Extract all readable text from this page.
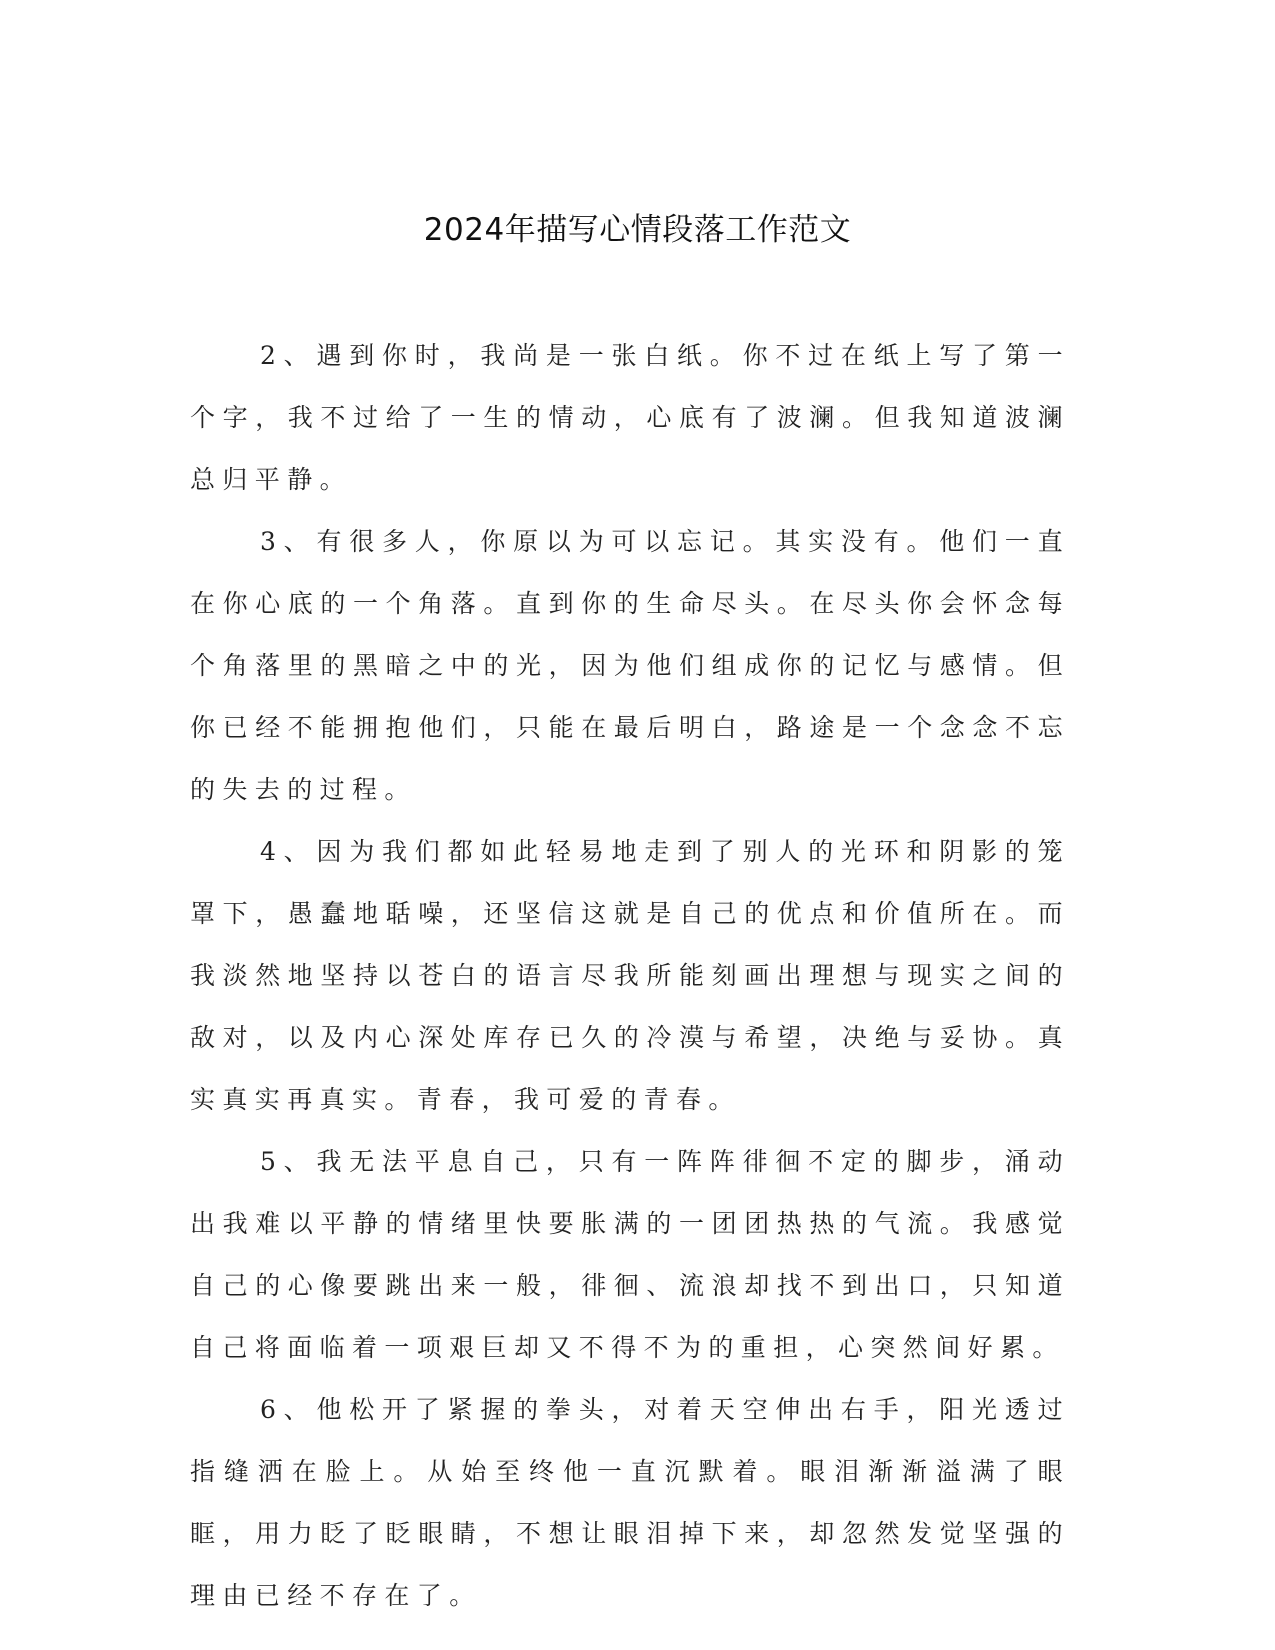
2024年描写心情段落工作范文

2、遇到你时，我尚是一张白纸。你不过在纸上写了第一个字，我不过给了一生的情动，心底有了波澜。但我知道波澜总归平静。

3、有很多人，你原以为可以忘记。其实没有。他们一直在你心底的一个角落。直到你的生命尽头。在尽头你会怀念每个角落里的黑暗之中的光，因为他们组成你的记忆与感情。但你已经不能拥抱他们，只能在最后明白，路途是一个念念不忘的失去的过程。

4、因为我们都如此轻易地走到了别人的光环和阴影的笼罩下，愚蠢地聒噪，还坚信这就是自己的优点和价值所在。而我淡然地坚持以苍白的语言尽我所能刻画出理想与现实之间的敌对，以及内心深处库存已久的冷漠与希望，决绝与妥协。真实真实再真实。青春，我可爱的青春。

5、我无法平息自己，只有一阵阵徘徊不定的脚步，涌动出我难以平静的情绪里快要胀满的一团团热热的气流。我感觉自己的心像要跳出来一般，徘徊、流浪却找不到出口，只知道自己将面临着一项艰巨却又不得不为的重担，心突然间好累。

6、他松开了紧握的拳头，对着天空伸出右手，阳光透过指缝洒在脸上。从始至终他一直沉默着。眼泪渐渐溢满了眼眶，用力眨了眨眼睛，不想让眼泪掉下来，却忽然发觉坚强的理由已经不存在了。
